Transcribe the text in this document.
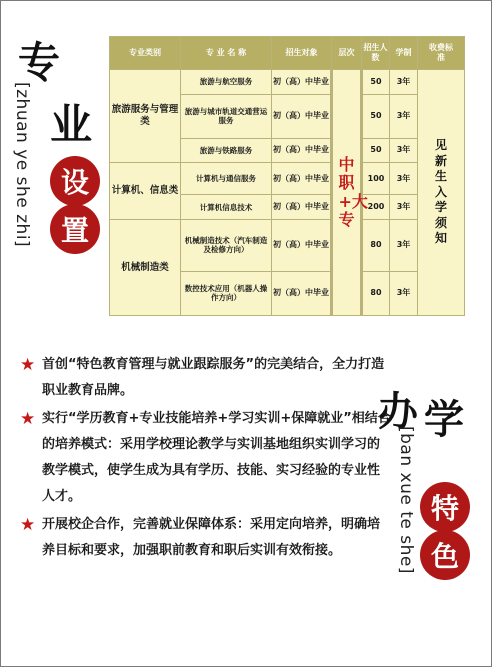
专
业
[zhuan ye she zhi]	设
置
专业类别	专 业 名 称	招生对象	层次	招生人数	学制	收费标准
旅游服务与管理类	旅游与航空服务	初（高）中毕业	中职+大专	50	3年	见新生入学须知
	旅游与城市轨道交通营运服务	初（高）中毕业		50	3年	
	旅游与铁路服务	初（高）中毕业		50	3年	
计算机、信息类	计算机与通信服务	初（高）中毕业		100	3年	
	计算机信息技术	初（高）中毕业		200	3年	
机械制造类	机械制造技术（汽车制造及检修方向）	初（高）中毕业		80	3年	
	数控技术应用（机器人操作方向）	初（高）中毕业		80	3年	
★ 首创“特色教育管理与就业跟踪服务”的完美结合，全力打造职业教育品牌。
★ 实行“学历教育+专业技能培养+学习实训+保障就业”相结合的培养模式：采用学校理论教学与实训基地组织实训学习的教学模式，使学生成为具有学历、技能、实习经验的专业性人才。
★ 开展校企合作，完善就业保障体系：采用定向培养，明确培养目标和要求，加强职前教育和职后实训有效衔接。
办 学
[ban xue te she] 特
色
